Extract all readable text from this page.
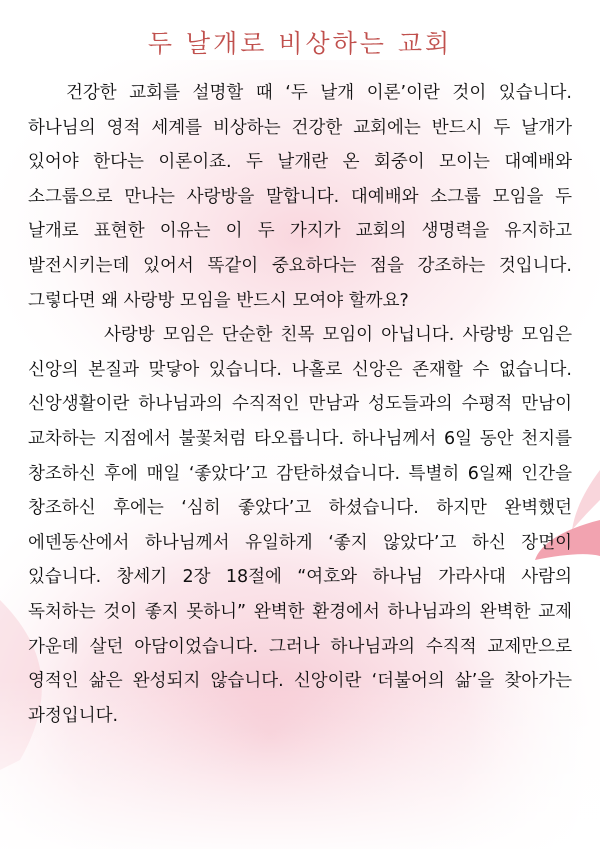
두 날개로 비상하는 교회

건강한 교회를 설명할 때 ‘두 날개 이론’이란 것이 있습니다. 하나님의 영적 세계를 비상하는 건강한 교회에는 반드시 두 날개가 있어야 한다는 이론이죠. 두 날개란 온 회중이 모이는 대예배와 소그룹으로 만나는 사랑방을 말합니다. 대예배와 소그룹 모임을 두 날개로 표현한 이유는 이 두 가지가 교회의 생명력을 유지하고 발전시키는데 있어서 똑같이 중요하다는 점을 강조하는 것입니다. 그렇다면 왜 사랑방 모임을 반드시 모여야 할까요?

사랑방 모임은 단순한 친목 모임이 아닙니다. 사랑방 모임은 신앙의 본질과 맞닿아 있습니다. 나홀로 신앙은 존재할 수 없습니다. 신앙생활이란 하나님과의 수직적인 만남과 성도들과의 수평적 만남이 교차하는 지점에서 불꽃처럼 타오릅니다. 하나님께서 6일 동안 천지를 창조하신 후에 매일 ‘좋았다’고 감탄하셨습니다. 특별히 6일째 인간을 창조하신 후에는 ‘심히 좋았다’고 하셨습니다. 하지만 완벽했던 에덴동산에서 하나님께서 유일하게 ‘좋지 않았다’고 하신 장면이 있습니다. 창세기 2장 18절에 “여호와 하나님 가라사대 사람의 독처하는 것이 좋지 못하니” 완벽한 환경에서 하나님과의 완벽한 교제 가운데 살던 아담이었습니다. 그러나 하나님과의 수직적 교제만으로 영적인 삶은 완성되지 않습니다. 신앙이란 ‘더불어의 삶’을 찾아가는 과정입니다.
